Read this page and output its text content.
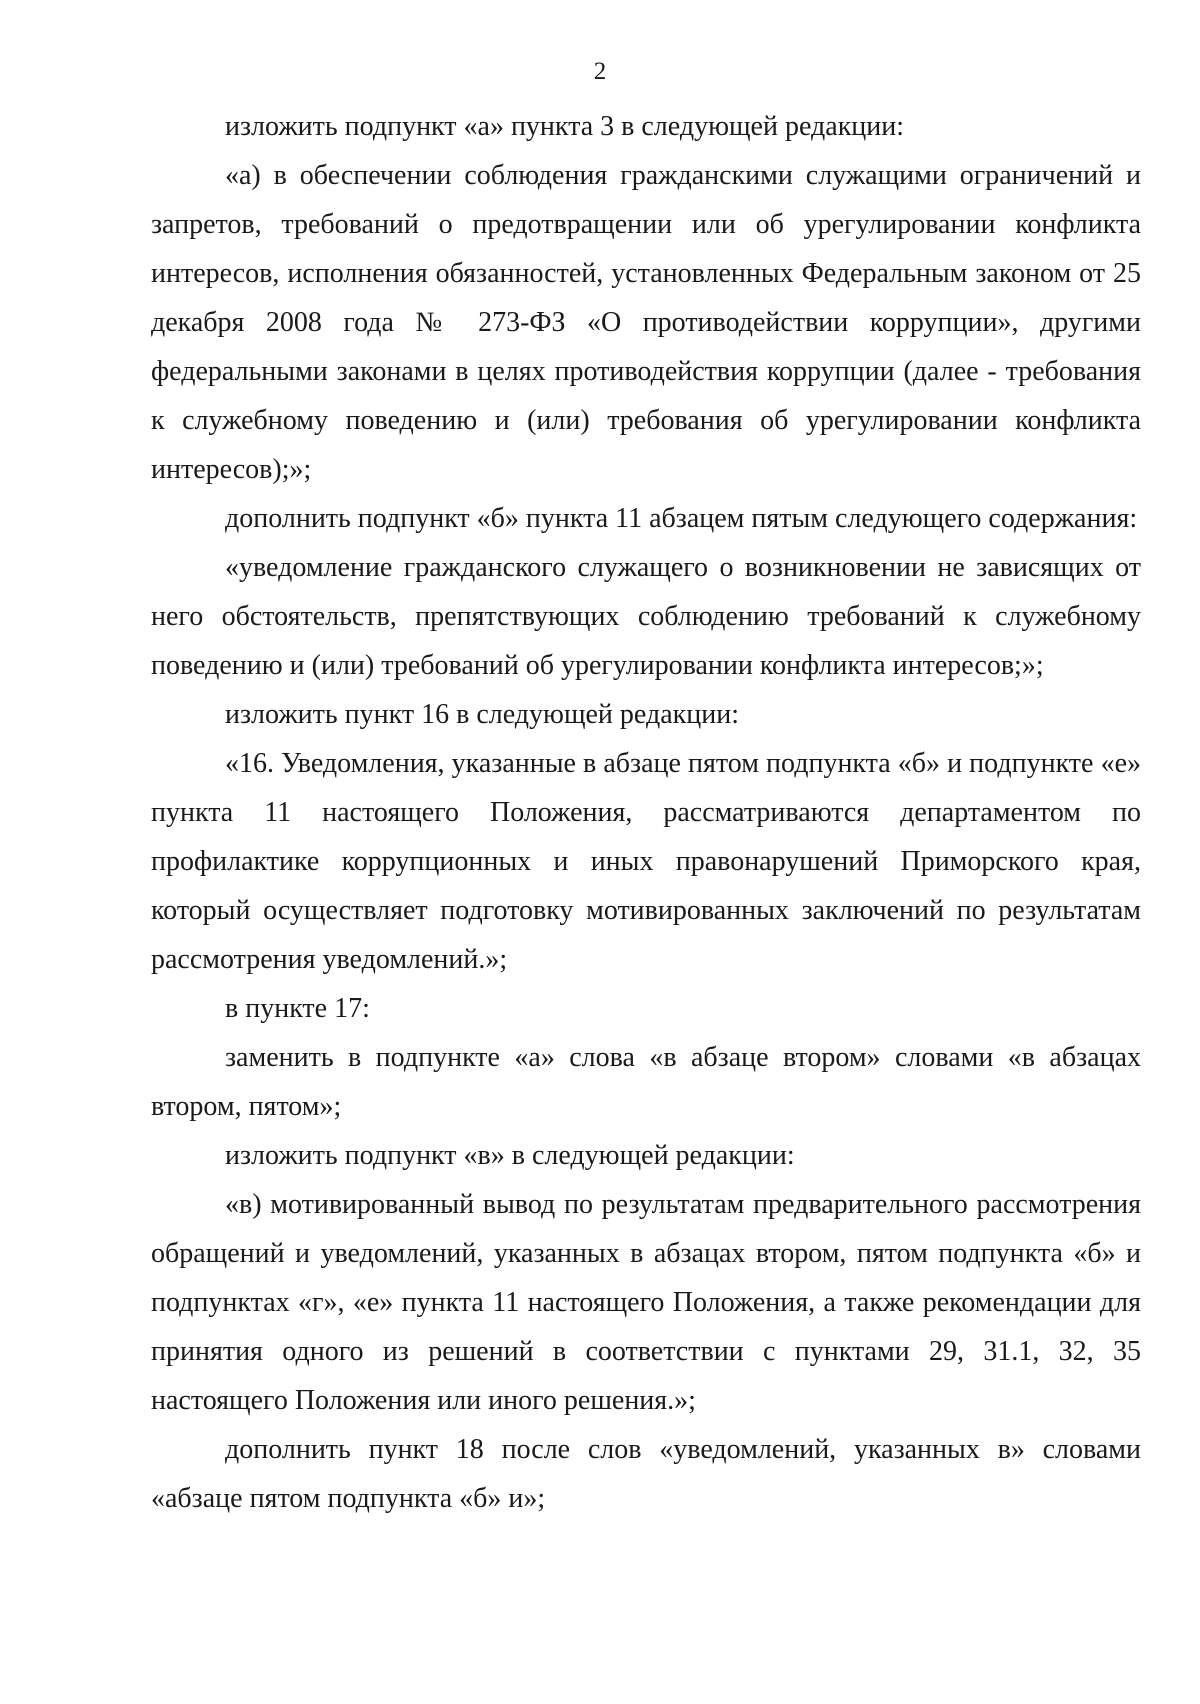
2

изложить подпункт «а» пункта 3 в следующей редакции:

«а) в обеспечении соблюдения гражданскими служащими ограничений и запретов, требований о предотвращении или об урегулировании конфликта интересов, исполнения обязанностей, установленных Федеральным законом от 25 декабря 2008 года № 273-ФЗ «О противодействии коррупции», другими федеральными законами в целях противодействия коррупции (далее - требования к служебному поведению и (или) требования об урегулировании конфликта интересов);»;

дополнить подпункт «б» пункта 11 абзацем пятым следующего содержания:

«уведомление гражданского служащего о возникновении не зависящих от него обстоятельств, препятствующих соблюдению требований к служебному поведению и (или) требований об урегулировании конфликта интересов;»;

изложить пункт 16 в следующей редакции:

«16. Уведомления, указанные в абзаце пятом подпункта «б» и подпункте «е» пункта 11 настоящего Положения, рассматриваются департаментом по профилактике коррупционных и иных правонарушений Приморского края, который осуществляет подготовку мотивированных заключений по результатам рассмотрения уведомлений.»;

в пункте 17:

заменить в подпункте «а» слова «в абзаце втором» словами «в абзацах втором, пятом»;

изложить подпункт «в» в следующей редакции:

«в) мотивированный вывод по результатам предварительного рассмотрения обращений и уведомлений, указанных в абзацах втором, пятом подпункта «б» и подпунктах «г», «е» пункта 11 настоящего Положения, а также рекомендации для принятия одного из решений в соответствии с пунктами 29, 31.1, 32, 35 настоящего Положения или иного решения.»;

дополнить пункт 18 после слов «уведомлений, указанных в» словами «абзаце пятом подпункта «б» и»;
